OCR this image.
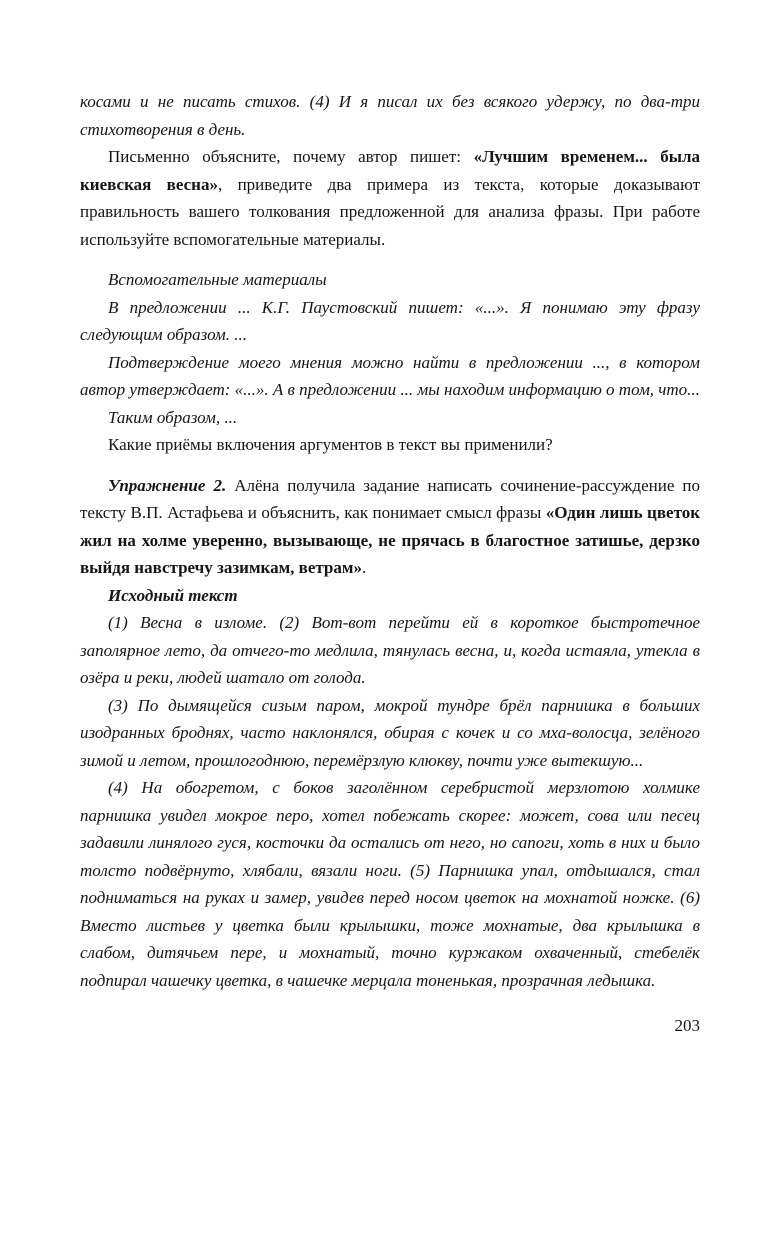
косами и не писать стихов. (4) И я писал их без всякого удержу, по два-три стихотворения в день.

Письменно объясните, почему автор пишет: «Лучшим временем... была киевская весна», приведите два примера из текста, которые доказывают правильность вашего толкования предложенной для анализа фразы. При работе используйте вспомогательные материалы.

Вспомогательные материалы

В предложении ... К.Г. Паустовский пишет: «...». Я понимаю эту фразу следующим образом. ...

Подтверждение моего мнения можно найти в предложении ..., в котором автор утверждает: «...». А в предложении ... мы находим информацию о том, что...

Таким образом, ...

Какие приёмы включения аргументов в текст вы применили?

Упражнение 2. Алёна получила задание написать сочинение-рассуждение по тексту В.П. Астафьева и объяснить, как понимает смысл фразы «Один лишь цветок жил на холме уверенно, вызывающе, не прячась в благостное затишье, дерзко выйдя навстречу зазимкам, ветрам».

Исходный текст

(1) Весна в изломе. (2) Вот-вот перейти ей в короткое быстротечное заполярное лето, да отчего-то медлила, тянулась весна, и, когда истаяла, утекла в озёра и реки, людей шатало от голода.

(3) По дымящейся сизым паром, мокрой тундре брёл парнишка в больших изодранных броднях, часто наклонялся, обирая с кочек и со мха-волосца, зелёного зимой и летом, прошлогоднюю, перемёрзлую клюкву, почти уже вытекшую...

(4) На обогретом, с боков заголённом серебристой мерзлотою холмике парнишка увидел мокрое перо, хотел побежать скорее: может, сова или песец задавили линялого гуся, косточки да остались от него, но сапоги, хоть в них и было толсто подвёрнуто, хлябали, вязали ноги. (5) Парнишка упал, отдышался, стал подниматься на руках и замер, увидев перед носом цветок на мохнатой ножке. (6) Вместо листьев у цветка были крылышки, тоже мохнатые, два крылышка в слабом, дитячьем пере, и мохнатый, точно куржаком охваченный, стебелёк подпирал чашечку цветка, в чашечке мерцала тоненькая, прозрачная ледышка.

203
